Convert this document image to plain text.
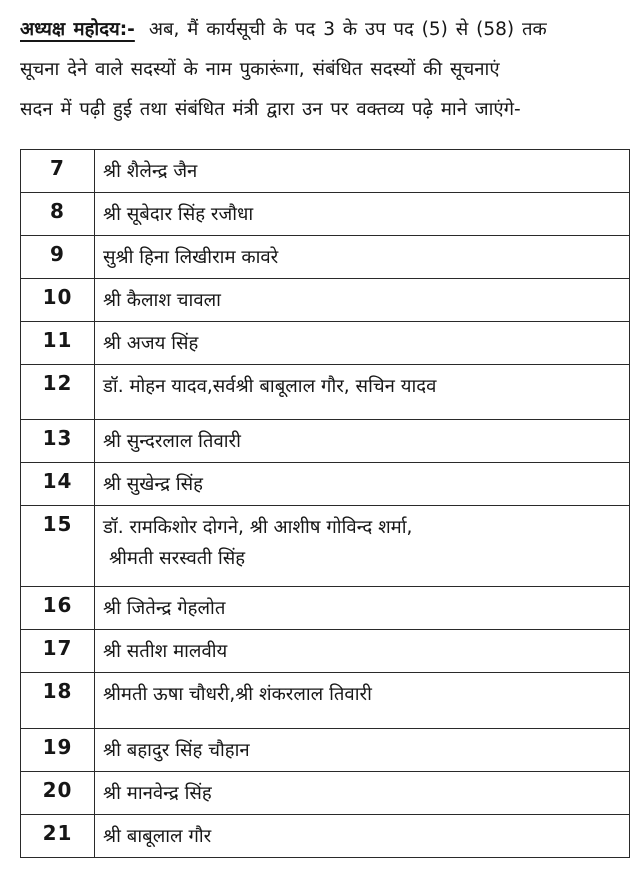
अध्यक्ष महोदय:- अब, मैं कार्यसूची के पद 3 के उप पद (5) से (58) तक
सूचना देने वाले सदस्यों के नाम पुकारूंगा, संबंधित सदस्यों की सूचनाएं
सदन में पढ़ी हुई तथा संबंधित मंत्री द्वारा उन पर वक्तव्य पढ़े माने जाएंगे-
7	श्री शैलेन्द्र जैन
8	श्री सूबेदार सिंह रजौधा
9	सुश्री हिना लिखीराम कावरे
10	श्री कैलाश चावला
11	श्री अजय सिंह
12	डॉ. मोहन यादव,सर्वश्री बाबूलाल गौर, सचिन यादव
13	श्री सुन्दरलाल तिवारी
14	श्री सुखेन्द्र सिंह
15	डॉ. रामकिशोर दोगने, श्री आशीष गोविन्द शर्मा,
श्रीमती सरस्वती सिंह

16	श्री जितेन्द्र गेहलोत
17	श्री सतीश मालवीय
18	श्रीमती ऊषा चौधरी,श्री शंकरलाल तिवारी
19	श्री बहादुर सिंह चौहान
20	श्री मानवेन्द्र सिंह
21	श्री बाबूलाल गौर
